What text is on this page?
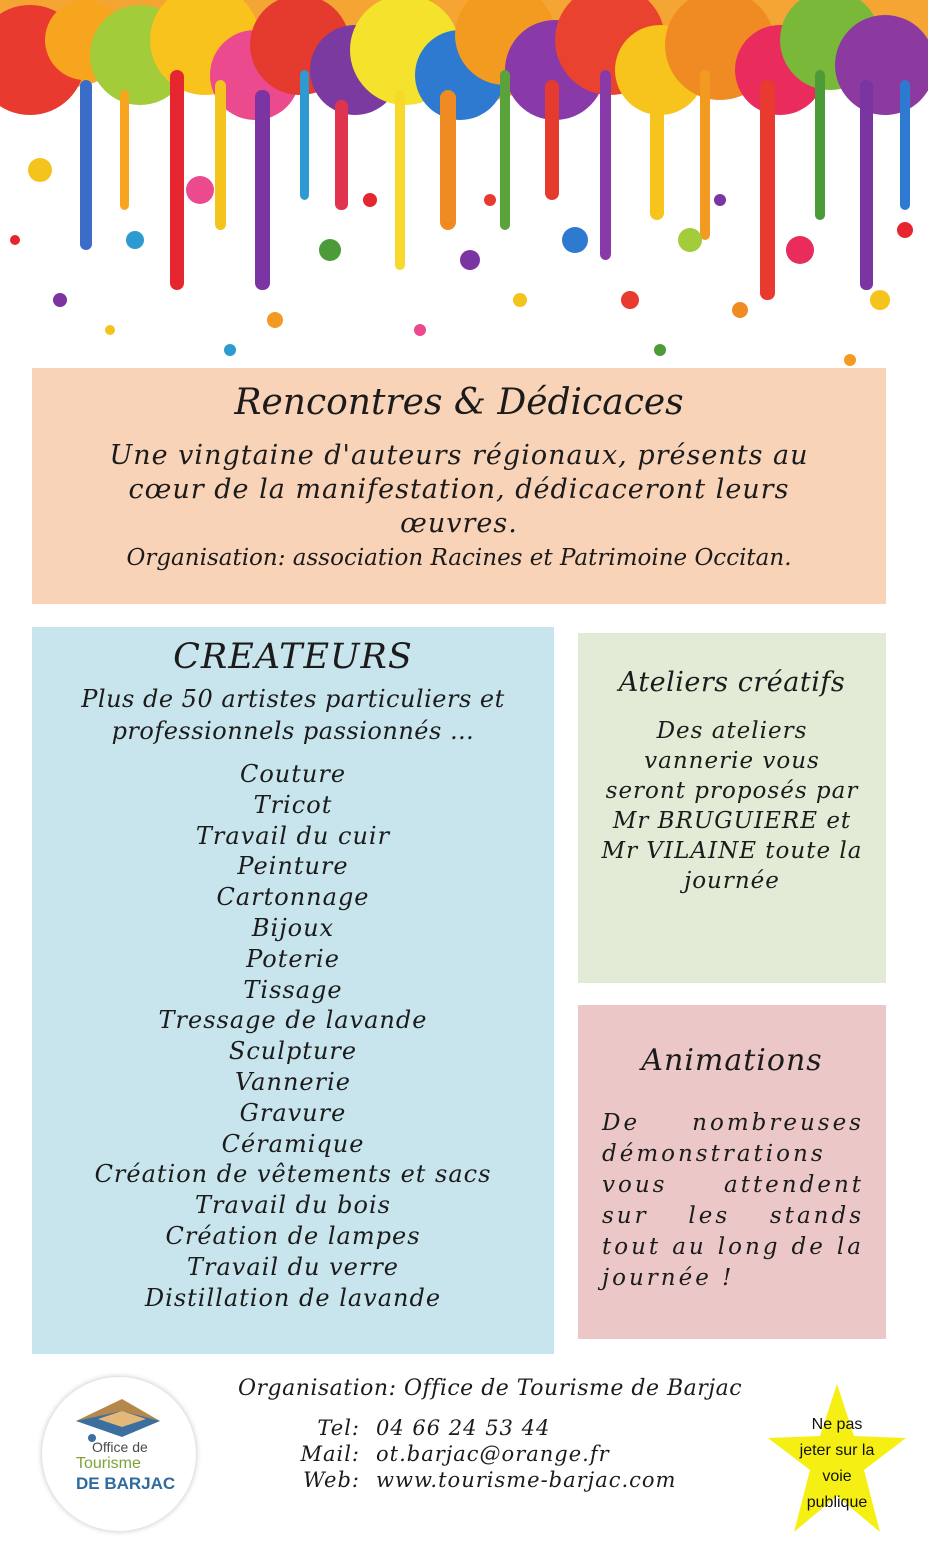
Rencontres & Dédicaces
Une vingtaine d'auteurs régionaux, présents au cœur de la manifestation, dédicaceront leurs œuvres.
Organisation: association Racines et Patrimoine Occitan.
CREATEURS
Plus de 50 artistes particuliers et professionnels passionnés …
Couture
Tricot
Travail du cuir
Peinture
Cartonnage
Bijoux
Poterie
Tissage
Tressage de lavande
Sculpture
Vannerie
Gravure
Céramique
Création de vêtements et sacs
Travail du bois
Création de lampes
Travail du verre
Distillation de lavande
Ateliers créatifs
Des ateliers vannerie vous seront proposés par Mr BRUGUIERE et Mr VILAINE toute la journée
Animations
De nombreuses démonstrations vous attendent sur les stands tout au long de la journée !
Office de
Tourisme
DE BARJAC
Organisation: Office de Tourisme de Barjac
Tel: 04 66 24 53 44
Mail: ot.barjac@orange.fr
Web: www.tourisme-barjac.com
Ne pas
jeter sur la
voie
publique
